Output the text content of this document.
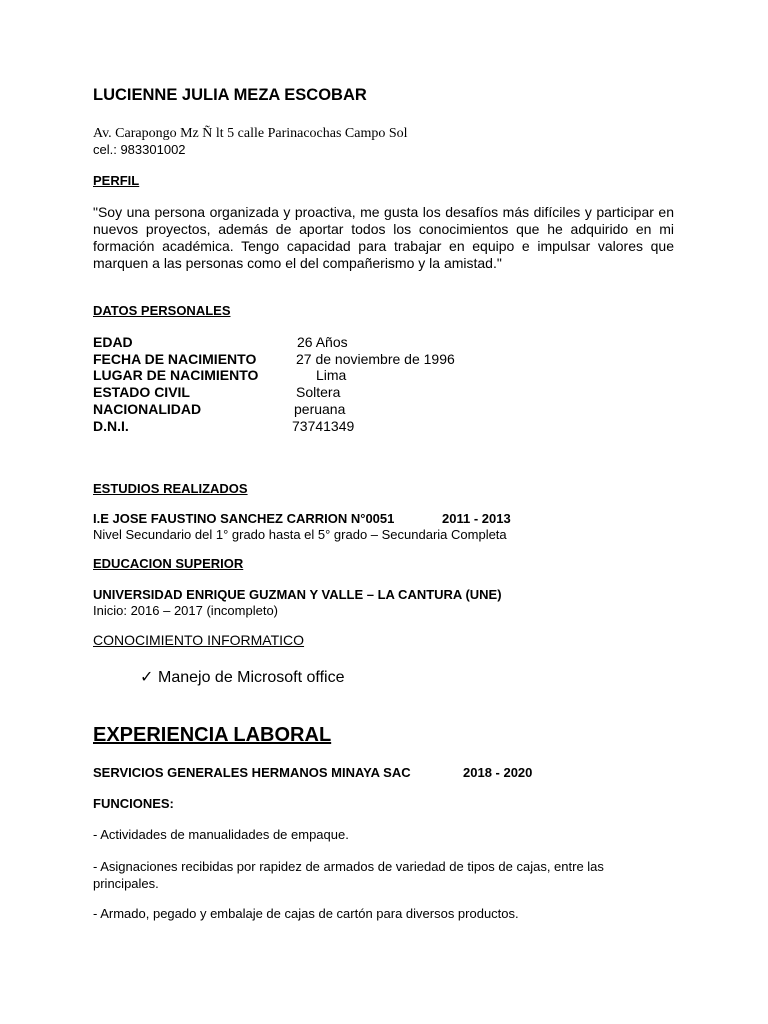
LUCIENNE JULIA MEZA ESCOBAR
Av. Carapongo Mz Ñ lt 5 calle Parinacochas Campo Sol
cel.: 983301002
PERFIL
"Soy una persona organizada y proactiva, me gusta los desafíos más difíciles y participar en nuevos proyectos, además de aportar todos los conocimientos que he adquirido en mi formación académica. Tengo capacidad para trabajar en equipo e impulsar valores que marquen a las personas como el del compañerismo y la amistad."
DATOS PERSONALES
EDAD	26 Años
FECHA DE NACIMIENTO	27 de noviembre de 1996
LUGAR DE NACIMIENTO	Lima
ESTADO CIVIL	Soltera
NACIONALIDAD	peruana
D.N.I.	73741349
ESTUDIOS REALIZADOS
I.E JOSE FAUSTINO SANCHEZ CARRION N°0051	2011 - 2013
Nivel Secundario del 1° grado hasta el 5° grado – Secundaria Completa
EDUCACION SUPERIOR
UNIVERSIDAD ENRIQUE GUZMAN Y VALLE – LA CANTURA (UNE)
Inicio: 2016 – 2017 (incompleto)
CONOCIMIENTO INFORMATICO
✓ Manejo de Microsoft office
EXPERIENCIA LABORAL
SERVICIOS GENERALES HERMANOS MINAYA SAC	2018 - 2020
FUNCIONES:
- Actividades de manualidades de empaque.
- Asignaciones recibidas por rapidez de armados de variedad de tipos de cajas, entre las principales.
- Armado, pegado y embalaje de cajas de cartón para diversos productos.
